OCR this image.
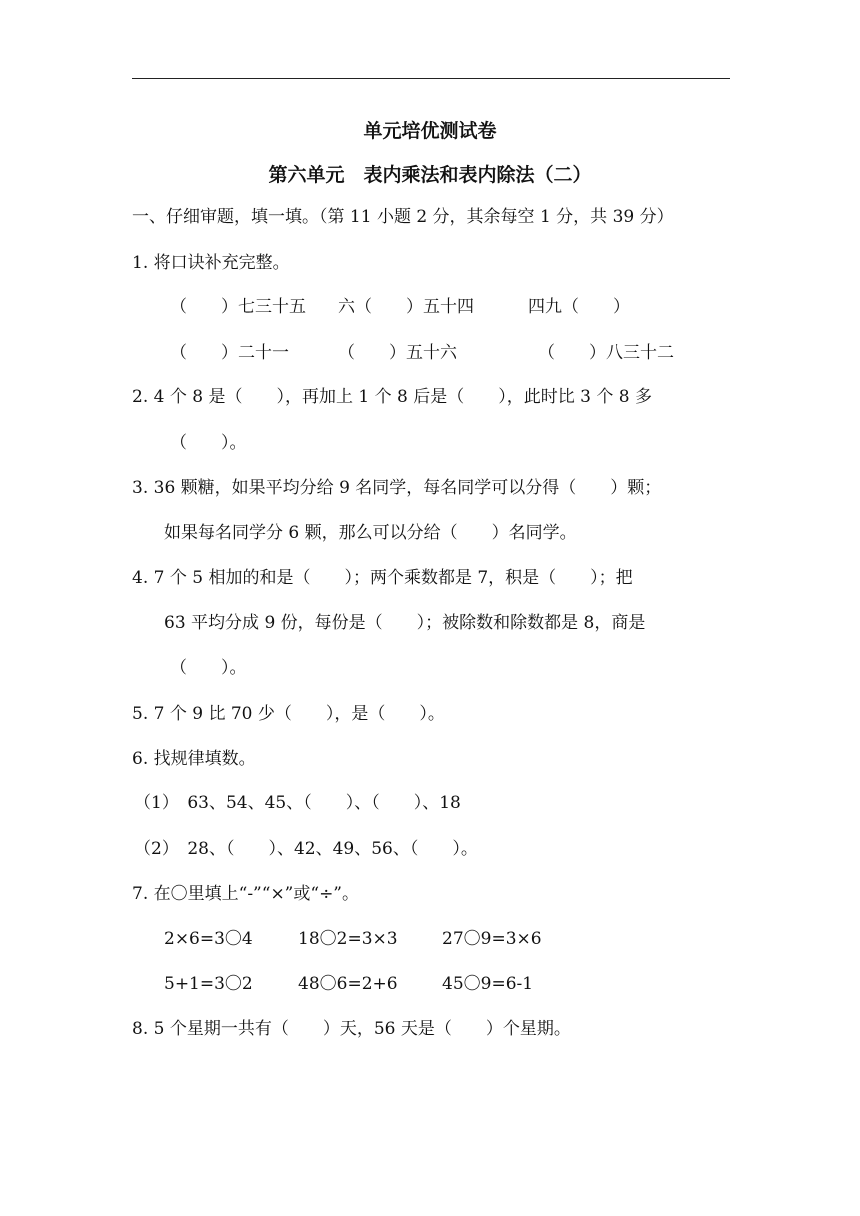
单元培优测试卷
第六单元　表内乘法和表内除法（二）
一、仔细审题，填一填。（第 11 小题 2 分，其余每空 1 分，共 39 分）
1. 将口诀补充完整。
（　　）七三十五 六（　　）五十四	四九（　　）
（　　）二十一	（　　）五十六	（　　）八三十二
2. 4 个 8 是（　　），再加上 1 个 8 后是（　　），此时比 3 个 8 多
（　　）。
3. 36 颗糖，如果平均分给 9 名同学，每名同学可以分得（　　）颗；
如果每名同学分 6 颗，那么可以分给（　　）名同学。
4. 7 个 5 相加的和是（　　）；两个乘数都是 7，积是（　　）；把
63 平均分成 9 份，每份是（　　）；被除数和除数都是 8，商是
（　　）。
5. 7 个 9 比 70 少（　　），是（　　）。
6. 找规律填数。
（1）　63、54、45、（　　）、（　　）、18
（2）　28、（　　）、42、49、56、（　　）。
7. 在〇里填上“-”“×”或“÷”。
2×6=3〇4	18〇2=3×3	27〇9=3×6
5+1=3〇2	48〇6=2+6	45〇9=6-1
8. 5 个星期一共有（　　）天，56 天是（　　）个星期。
